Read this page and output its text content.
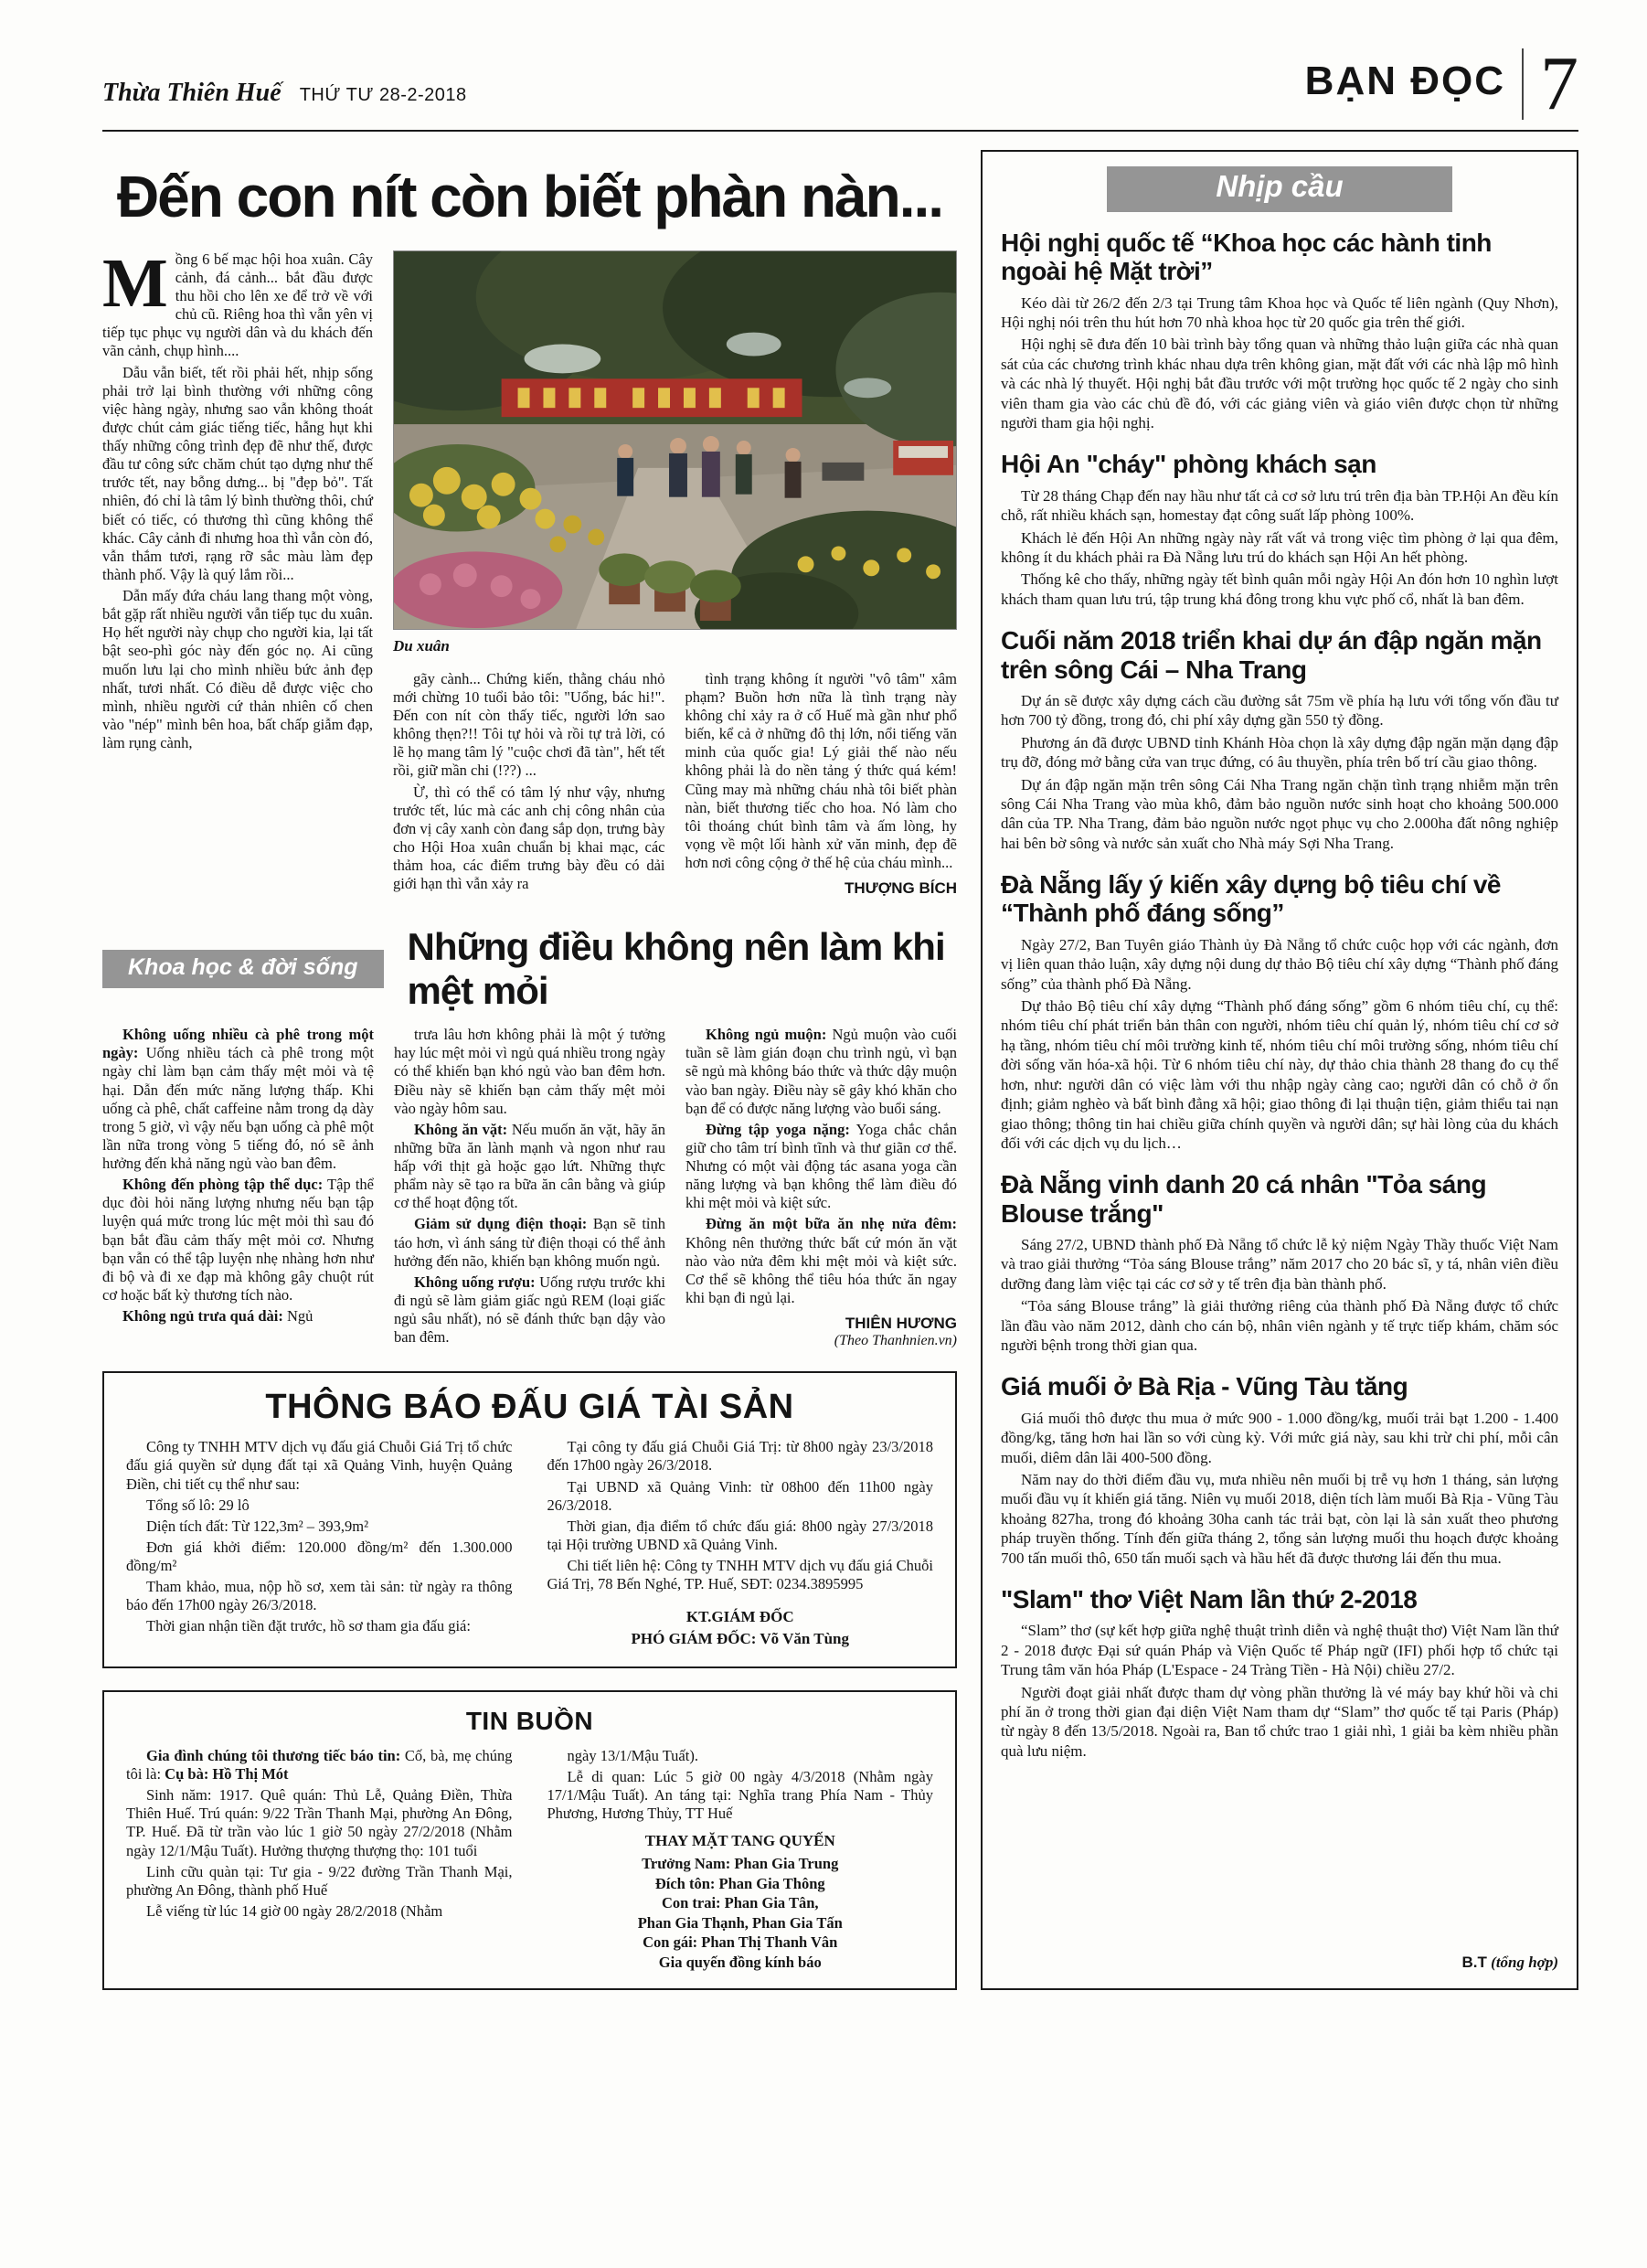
Thừa Thiên Huế THỨ TƯ 28-2-2018	BẠN ĐỌC 7
Đến con nít còn biết phàn nàn...

Mồng 6 bế mạc hội hoa xuân. Cây cảnh, đá cảnh... bắt đầu được thu hồi cho lên xe để trở về với chủ cũ. Riêng hoa thì vẫn yên vị tiếp tục phục vụ người dân và du khách đến vãn cảnh, chụp hình....

Dẫu vẫn biết, tết rồi phải hết, nhịp sống phải trở lại bình thường với những công việc hàng ngày, nhưng sao vẫn không thoát được chút cảm giác tiếng tiếc, hẫng hụt khi thấy những công trình đẹp đẽ như thế, được đầu tư công sức chăm chút tạo dựng như thế trước tết, nay bỗng dưng... bị "đẹp bỏ". Tất nhiên, đó chỉ là tâm lý bình thường thôi, chứ biết có tiếc, có thương thì cũng không thể khác. Cây cảnh đi nhưng hoa thì vẫn còn đó, vẫn thắm tươi, rạng rỡ sắc màu làm đẹp thành phố. Vậy là quý lắm rồi...

Dẫn mấy đứa cháu lang thang một vòng, bắt gặp rất nhiều người vẫn tiếp tục du xuân. Họ hết người này chụp cho người kia, lại tất bật seo-phì góc này đến góc nọ. Ai cũng muốn lưu lại cho mình nhiều bức ảnh đẹp nhất, tươi nhất. Có điều dễ được việc cho mình, nhiều người cứ thản nhiên cố chen vào "nép" mình bên hoa, bất chấp giẫm đạp, làm rụng cành,

Du xuân

gãy cành... Chứng kiến, thằng cháu nhỏ mới chừng 10 tuổi bảo tôi: "Uổng, bác hi!". Đến con nít còn thấy tiếc, người lớn sao không thẹn?!! Tôi tự hỏi và rồi tự trả lời, có lẽ họ mang tâm lý "cuộc chơi đã tàn", hết tết rồi, giữ mần chi (!??) ...

Ừ, thì có thể có tâm lý như vậy, nhưng trước tết, lúc mà các anh chị công nhân của đơn vị cây xanh còn đang sắp dọn, trưng bày cho Hội Hoa xuân chuẩn bị khai mạc, các thảm hoa, các điểm trưng bày đều có dải giới hạn thì vẫn xảy ra

tình trạng không ít người "vô tâm" xâm phạm? Buồn hơn nữa là tình trạng này không chỉ xảy ra ở cố Huế mà gần như phổ biến, kể cả ở những đô thị lớn, nổi tiếng văn minh của quốc gia! Lý giải thế nào nếu không phải là do nền tảng ý thức quá kém! Cũng may mà những cháu nhà tôi biết phàn nàn, biết thương tiếc cho hoa. Nó làm cho tôi thoáng chút bình tâm và ấm lòng, hy vọng về một lối hành xử văn minh, đẹp đẽ hơn nơi công cộng ở thế hệ của cháu mình...

THƯỢNG BÍCH
Khoa học & đời sống	Những điều không nên làm khi mệt mỏi

Không uống nhiều cà phê trong một ngày: Uống nhiều tách cà phê trong một ngày chỉ làm bạn cảm thấy mệt mỏi và tệ hại. Dẫn đến mức năng lượng thấp. Khi uống cà phê, chất caffeine nằm trong dạ dày trong 5 giờ, vì vậy nếu bạn uống cà phê một lần nữa trong vòng 5 tiếng đó, nó sẽ ảnh hưởng đến khả năng ngủ vào ban đêm.

Không đến phòng tập thể dục: Tập thể dục đòi hỏi năng lượng nhưng nếu bạn tập luyện quá mức trong lúc mệt mỏi thì sau đó bạn bắt đầu cảm thấy mệt mỏi cơ. Nhưng bạn vẫn có thể tập luyện nhẹ nhàng hơn như đi bộ và đi xe đạp mà không gây chuột rút cơ hoặc bất kỳ thương tích nào.

Không ngủ trưa quá dài: Ngủ

trưa lâu hơn không phải là một ý tưởng hay lúc mệt mỏi vì ngủ quá nhiều trong ngày có thể khiến bạn khó ngủ vào ban đêm hơn. Điều này sẽ khiến bạn cảm thấy mệt mỏi vào ngày hôm sau.

Không ăn vặt: Nếu muốn ăn vặt, hãy ăn những bữa ăn lành mạnh và ngon như rau hấp với thịt gà hoặc gạo lứt. Những thực phẩm này sẽ tạo ra bữa ăn cân bằng và giúp cơ thể hoạt động tốt.

Giảm sử dụng điện thoại: Bạn sẽ tỉnh táo hơn, vì ánh sáng từ điện thoại có thể ảnh hưởng đến não, khiến bạn không muốn ngủ.

Không uống rượu: Uống rượu trước khi đi ngủ sẽ làm giảm giấc ngủ REM (loại giấc ngủ sâu nhất), nó sẽ đánh thức bạn dậy vào ban đêm.

Không ngủ muộn: Ngủ muộn vào cuối tuần sẽ làm gián đoạn chu trình ngủ, vì bạn sẽ ngủ mà không báo thức và thức dậy muộn vào ban ngày. Điều này sẽ gây khó khăn cho bạn để có được năng lượng vào buổi sáng.

Đừng tập yoga nặng: Yoga chắc chắn giữ cho tâm trí bình tĩnh và thư giãn cơ thể. Nhưng có một vài động tác asana yoga cần năng lượng và bạn không thể làm điều đó khi mệt mỏi và kiệt sức.

Đừng ăn một bữa ăn nhẹ nửa đêm: Không nên thưởng thức bất cứ món ăn vặt nào vào nửa đêm khi mệt mỏi và kiệt sức. Cơ thể sẽ không thể tiêu hóa thức ăn ngay khi bạn đi ngủ lại.

THIÊN HƯƠNG
(Theo Thanhnien.vn)
THÔNG BÁO ĐẤU GIÁ TÀI SẢN

Công ty TNHH MTV dịch vụ đấu giá Chuỗi Giá Trị tổ chức đấu giá quyền sử dụng đất tại xã Quảng Vinh, huyện Quảng Điền, chi tiết cụ thể như sau:

Tổng số lô: 29 lô

Diện tích đất: Từ 122,3m² – 393,9m²

Đơn giá khởi điểm: 120.000 đồng/m² đến 1.300.000 đồng/m²

Tham khảo, mua, nộp hồ sơ, xem tài sản: từ ngày ra thông báo đến 17h00 ngày 26/3/2018.

Thời gian nhận tiền đặt trước, hồ sơ tham gia đấu giá:

Tại công ty đấu giá Chuỗi Giá Trị: từ 8h00 ngày 23/3/2018 đến 17h00 ngày 26/3/2018.

Tại UBND xã Quảng Vinh: từ 08h00 đến 11h00 ngày 26/3/2018.

Thời gian, địa điểm tổ chức đấu giá: 8h00 ngày 27/3/2018 tại Hội trường UBND xã Quảng Vinh.

Chi tiết liên hệ: Công ty TNHH MTV dịch vụ đấu giá Chuỗi Giá Trị, 78 Bến Nghé, TP. Huế, SĐT: 0234.3895995

KT.GIÁM ĐỐC
PHÓ GIÁM ĐỐC: Võ Văn Tùng
TIN BUỒN

Gia đình chúng tôi thương tiếc báo tin: Cố, bà, mẹ chúng tôi là: Cụ bà: Hồ Thị Mót

Sinh năm: 1917. Quê quán: Thủ Lễ, Quảng Điền, Thừa Thiên Huế. Trú quán: 9/22 Trần Thanh Mại, phường An Đông, TP. Huế. Đã từ trần vào lúc 1 giờ 50 ngày 27/2/2018 (Nhằm ngày 12/1/Mậu Tuất). Hưởng thượng thượng thọ: 101 tuổi

Linh cữu quàn tại: Tư gia - 9/22 đường Trần Thanh Mại, phường An Đông, thành phố Huế

Lễ viếng từ lúc 14 giờ 00 ngày 28/2/2018 (Nhằm

ngày 13/1/Mậu Tuất).

Lễ di quan: Lúc 5 giờ 00 ngày 4/3/2018 (Nhằm ngày 17/1/Mậu Tuất). An táng tại: Nghĩa trang Phía Nam - Thủy Phương, Hương Thủy, TT Huế

THAY MẶT TANG QUYẾN
Trưởng Nam: Phan Gia Trung
Đích tôn: Phan Gia Thông
Con trai: Phan Gia Tân,
Phan Gia Thạnh, Phan Gia Tấn
Con gái: Phan Thị Thanh Vân
Gia quyến đồng kính báo
Nhịp cầu
Hội nghị quốc tế “Khoa học các hành tinh ngoài hệ Mặt trời”

Kéo dài từ 26/2 đến 2/3 tại Trung tâm Khoa học và Quốc tế liên ngành (Quy Nhơn), Hội nghị nói trên thu hút hơn 70 nhà khoa học từ 20 quốc gia trên thế giới.

Hội nghị sẽ đưa đến 10 bài trình bày tổng quan và những thảo luận giữa các nhà quan sát của các chương trình khác nhau dựa trên không gian, mặt đất với các nhà lập mô hình và các nhà lý thuyết. Hội nghị bắt đầu trước với một trường học quốc tế 2 ngày cho sinh viên tham gia vào các chủ đề đó, với các giảng viên và giáo viên được chọn từ những người tham gia hội nghị.

Hội An "cháy" phòng khách sạn

Từ 28 tháng Chạp đến nay hầu như tất cả cơ sở lưu trú trên địa bàn TP.Hội An đều kín chỗ, rất nhiều khách sạn, homestay đạt công suất lấp phòng 100%.

Khách lẻ đến Hội An những ngày này rất vất vả trong việc tìm phòng ở lại qua đêm, không ít du khách phải ra Đà Nẵng lưu trú do khách sạn Hội An hết phòng.

Thống kê cho thấy, những ngày tết bình quân mỗi ngày Hội An đón hơn 10 nghìn lượt khách tham quan lưu trú, tập trung khá đông trong khu vực phố cổ, nhất là ban đêm.

Cuối năm 2018 triển khai dự án đập ngăn mặn trên sông Cái – Nha Trang

Dự án sẽ được xây dựng cách cầu đường sắt 75m về phía hạ lưu với tổng vốn đầu tư hơn 700 tỷ đồng, trong đó, chi phí xây dựng gần 550 tỷ đồng.

Phương án đã được UBND tỉnh Khánh Hòa chọn là xây dựng đập ngăn mặn dạng đập trụ đỡ, đóng mở bằng cửa van trục đứng, có âu thuyền, phía trên bố trí cầu giao thông.

Dự án đập ngăn mặn trên sông Cái Nha Trang ngăn chặn tình trạng nhiễm mặn trên sông Cái Nha Trang vào mùa khô, đảm bảo nguồn nước sinh hoạt cho khoảng 500.000 dân của TP. Nha Trang, đảm bảo nguồn nước ngọt phục vụ cho 2.000ha đất nông nghiệp hai bên bờ sông và nước sản xuất cho Nhà máy Sợi Nha Trang.

Đà Nẵng lấy ý kiến xây dựng bộ tiêu chí về “Thành phố đáng sống”

Ngày 27/2, Ban Tuyên giáo Thành ủy Đà Nẵng tổ chức cuộc họp với các ngành, đơn vị liên quan thảo luận, xây dựng nội dung dự thảo Bộ tiêu chí xây dựng “Thành phố đáng sống” của thành phố Đà Nẵng.

Dự thảo Bộ tiêu chí xây dựng “Thành phố đáng sống” gồm 6 nhóm tiêu chí, cụ thể: nhóm tiêu chí phát triển bản thân con người, nhóm tiêu chí quản lý, nhóm tiêu chí cơ sở hạ tầng, nhóm tiêu chí môi trường kinh tế, nhóm tiêu chí môi trường sống, nhóm tiêu chí đời sống văn hóa-xã hội. Từ 6 nhóm tiêu chí này, dự thảo chia thành 28 thang đo cụ thể hơn, như: người dân có việc làm với thu nhập ngày càng cao; người dân có chỗ ở ổn định; giảm nghèo và bất bình đẳng xã hội; giao thông đi lại thuận tiện, giảm thiểu tai nạn giao thông; thông tin hai chiều giữa chính quyền và người dân; sự hài lòng của du khách đối với các dịch vụ du lịch…

Đà Nẵng vinh danh 20 cá nhân "Tỏa sáng Blouse trắng"

Sáng 27/2, UBND thành phố Đà Nẵng tổ chức lễ kỷ niệm Ngày Thầy thuốc Việt Nam và trao giải thưởng “Tỏa sáng Blouse trắng” năm 2017 cho 20 bác sĩ, y tá, nhân viên điều dưỡng đang làm việc tại các cơ sở y tế trên địa bàn thành phố.

“Tỏa sáng Blouse trắng” là giải thưởng riêng của thành phố Đà Nẵng được tổ chức lần đầu vào năm 2012, dành cho cán bộ, nhân viên ngành y tế trực tiếp khám, chăm sóc người bệnh trong thời gian qua.

Giá muối ở Bà Rịa - Vũng Tàu tăng

Giá muối thô được thu mua ở mức 900 - 1.000 đồng/kg, muối trải bạt 1.200 - 1.400 đồng/kg, tăng hơn hai lần so với cùng kỳ. Với mức giá này, sau khi trừ chi phí, mỗi cân muối, diêm dân lãi 400-500 đồng.

Năm nay do thời điểm đầu vụ, mưa nhiều nên muối bị trễ vụ hơn 1 tháng, sản lượng muối đầu vụ ít khiến giá tăng. Niên vụ muối 2018, diện tích làm muối Bà Rịa - Vũng Tàu khoảng 827ha, trong đó khoảng 30ha canh tác trải bạt, còn lại là sản xuất theo phương pháp truyền thống. Tính đến giữa tháng 2, tổng sản lượng muối thu hoạch được khoảng 700 tấn muối thô, 650 tấn muối sạch và hầu hết đã được thương lái đến thu mua.

"Slam" thơ Việt Nam lần thứ 2-2018

“Slam” thơ (sự kết hợp giữa nghệ thuật trình diễn và nghệ thuật thơ) Việt Nam lần thứ 2 - 2018 được Đại sứ quán Pháp và Viện Quốc tế Pháp ngữ (IFI) phối hợp tổ chức tại Trung tâm văn hóa Pháp (L'Espace - 24 Tràng Tiền - Hà Nội) chiều 27/2.

Người đoạt giải nhất được tham dự vòng phần thưởng là vé máy bay khứ hồi và chi phí ăn ở trong thời gian đại diện Việt Nam tham dự “Slam” thơ quốc tế tại Paris (Pháp) từ ngày 8 đến 13/5/2018. Ngoài ra, Ban tổ chức trao 1 giải nhì, 1 giải ba kèm nhiều phần quà lưu niệm.

B.T (tổng hợp)
